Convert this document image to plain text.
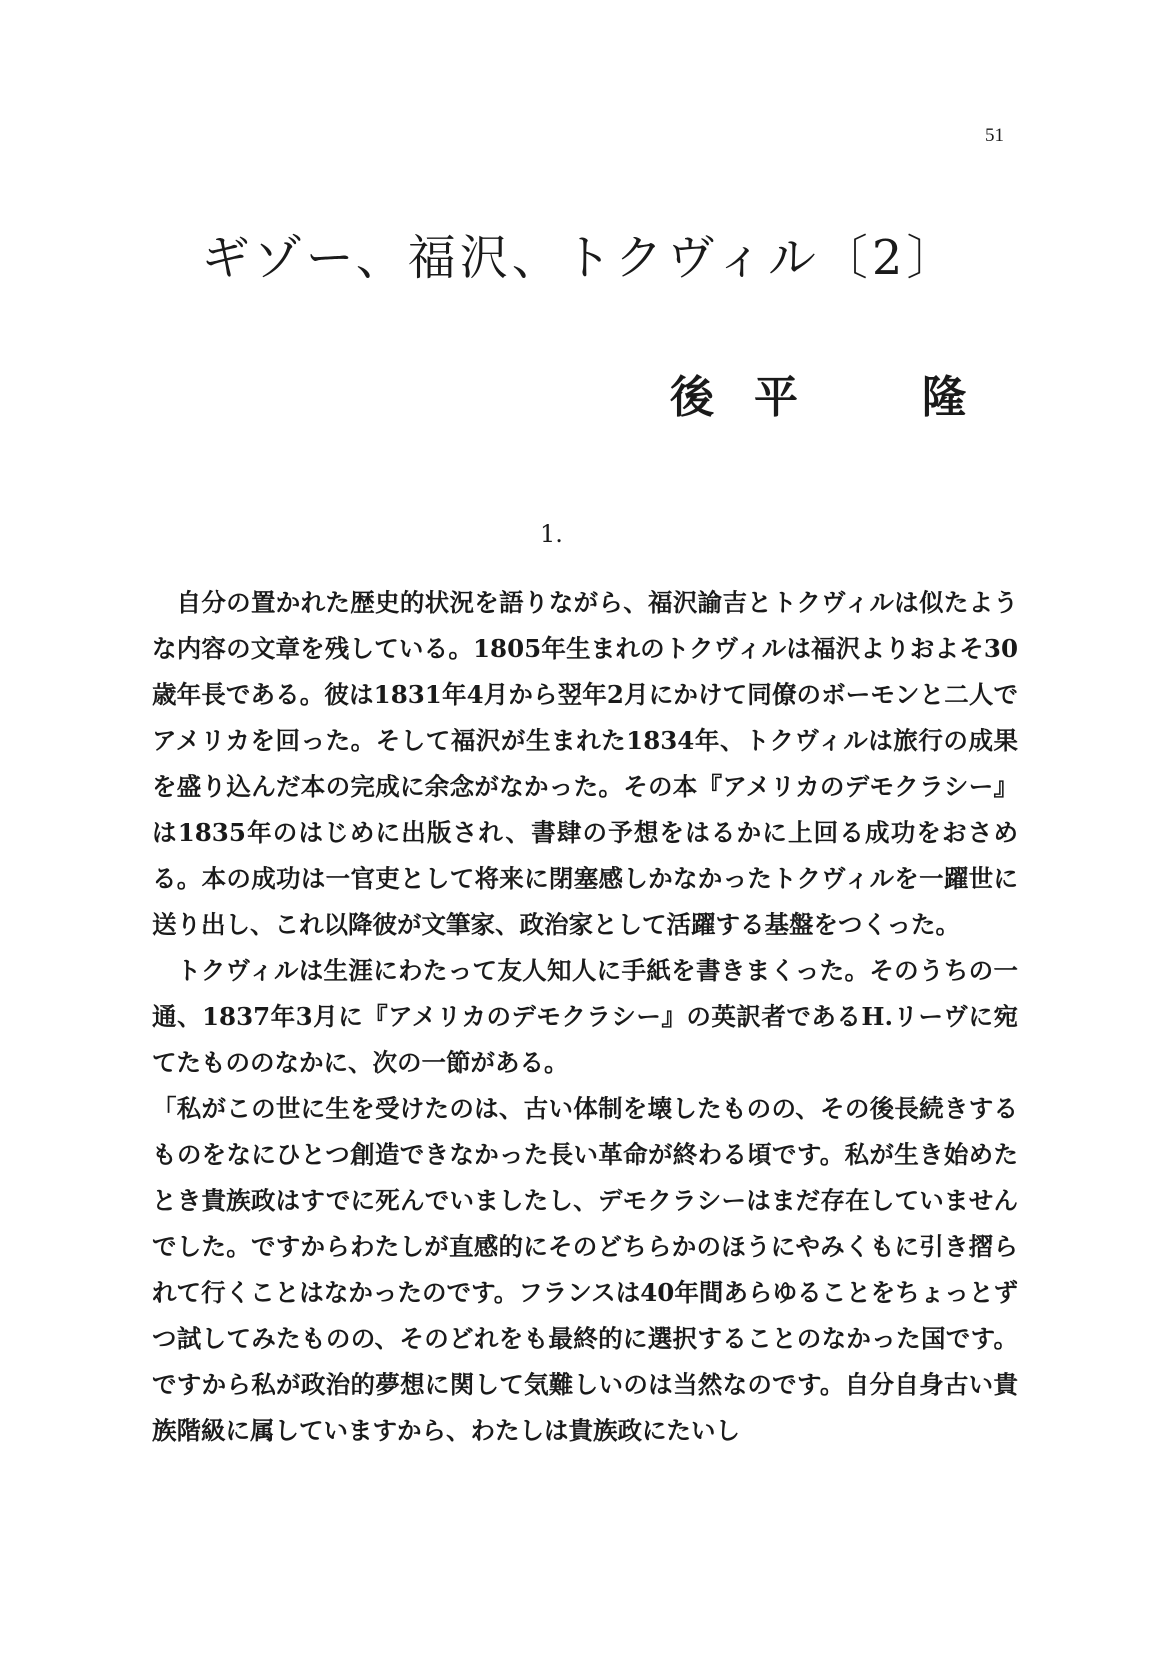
51
ギゾー、福沢、トクヴィル〔2〕
後平 隆
1.

自分の置かれた歴史的状況を語りながら、福沢諭吉とトクヴィルは似たような内容の文章を残している。1805年生まれのトクヴィルは福沢よりおよそ30歳年長である。彼は1831年4月から翌年2月にかけて同僚のボーモンと二人でアメリカを回った。そして福沢が生まれた1834年、トクヴィルは旅行の成果を盛り込んだ本の完成に余念がなかった。その本『アメリカのデモクラシー』は1835年のはじめに出版され、書肆の予想をはるかに上回る成功をおさめる。本の成功は一官吏として将来に閉塞感しかなかったトクヴィルを一躍世に送り出し、これ以降彼が文筆家、政治家として活躍する基盤をつくった。

トクヴィルは生涯にわたって友人知人に手紙を書きまくった。そのうちの一通、1837年3月に『アメリカのデモクラシー』の英訳者であるH.リーヴに宛てたもののなかに、次の一節がある。

「私がこの世に生を受けたのは、古い体制を壊したものの、その後長続きするものをなにひとつ創造できなかった長い革命が終わる頃です。私が生き始めたとき貴族政はすでに死んでいましたし、デモクラシーはまだ存在していませんでした。ですからわたしが直感的にそのどちらかのほうにやみくもに引き摺られて行くことはなかったのです。フランスは40年間あらゆることをちょっとずつ試してみたものの、そのどれをも最終的に選択することのなかった国です。ですから私が政治的夢想に関して気難しいのは当然なのです。自分自身古い貴族階級に属していますから、わたしは貴族政にたいし
